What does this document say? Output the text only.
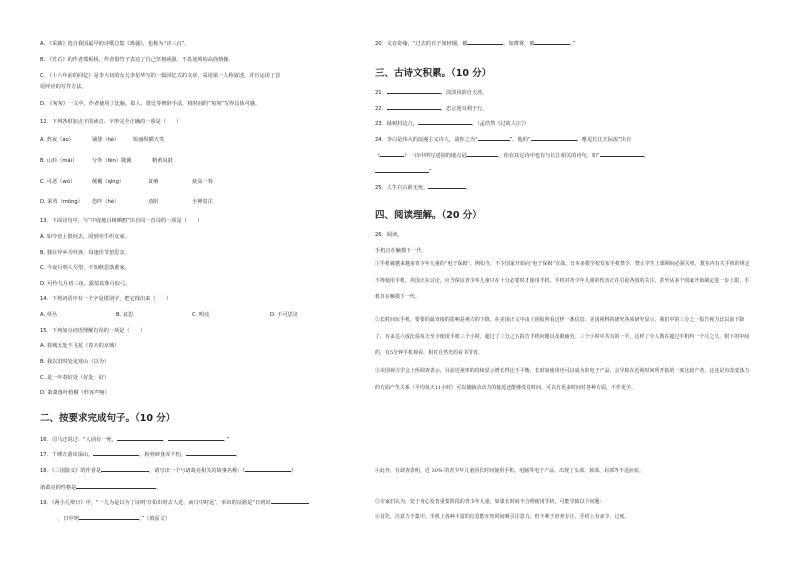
A. 《采薇》选自我国最早的诗歌总集《离骚》，也称为“诗三百”。
B. 《竹石》的作者郑板桥，作者借竹子表达了自己坚韧顽强、不畏逆境的高尚情操。
C. 《十六年前的回忆》是李大钊的女儿李星华写的一篇回忆式的文章，采用第一人称叙述，并且运用了首
尾呼应的写作方法。
D. 《匆匆》一文中，作者使用了比喻、拟人、排比等修辞手法，将时间的“匆匆”写得具体可感。
12．下列各组加点字的读音、字形完全正确的一项是（　　）
A. 熬夜（áo）	铺排（hè）	锐丽纵横大笑
B. 山杉（mái）	分外（fèn）敬佩	精黄凤鼓
C. 可恶（wù）	颠覆（qīng）	贫瘠	抚高一筹
D. 荣茸（mōng） 恐吓（hè）	劝阻	全神贯注
13．下面诗句中，与“中庭地白树栖鸦”出自同一首诗的一项是（　　）
A. 如今直上银河去，同到牵牛织女家。
B. 独在异乡为异客，每逢佳节倍思亲。
C. 今夜月明人尽望，不知秋思落谁家。
D. 可怜九月初三夜，露似真珠月似弓。
14．下列词语中有一个字是错别字，把它找出来（　　）
A. 草丛	B. 哀思	C. 明亮	D. 不可思议
15．下列加点词语理解有误的一项是（　　）
A. 春城无处不飞花（春天的京城）
B. 我以旧时处见寒山（以为）
C. 是一年春好处（好处：好）
D. 萧萧落叶梧桐（形容声响）
二、按要求完成句子。（10 分）
16．司马迁说过：“人固有一死，	，	。”
17．千锤万凿出深山，	，粉骨碎身浑不怕，	。
18．《三国演义》的作者是	，请写出一个与诸葛亮相关的故事名称：《	》
诸葛亮的性格是	。
19．《两小儿辩日》中，“一儿为是以为了证明‘日始出时去人近，而日中时远’，举出的证据是“日初出
，日中则	。”（填原文）
20．文有奇缘，“过去的日子如轻烟，被	，如薄雾，被	。”
三、古诗文积累。（10 分）
21．	，淡淡风韵自天涯。
22．	，忠言逆耳利于行。
23．绿树村边合，	。（孟浩然《过故人庄》）
24．李白是伟大的浪漫主义诗人，请你之为“	”。他的“	，唯见长江天际流”出自
《	》一诗中所写送别的地点是	。你在其它诗中也有与长江相关的诗句，如“	，
”
25．人生自古谁无死，	。
四、阅读理解。（20 分）
26．阅读。
手机且在触摸下一代
①手机被越来越多青少年儿童的“电子保姆”。例如今，不少国家开始向“电子保姆”宣战。日本多数学校发布手机禁令，禁止学生上课期间必须关机，教室内有关手机的规定不得使用手机。英国正在讨论，应当保证青少年儿童只在十分必要时才使用手机。手机对青少年儿童的伤害正在引起各国的关注，甚至从多个国家开始制定进一步上限，手机且在触摸下一代。
②长时间玩手机，要要的最直接的影响是视力的下降。在美国正文中由上团报所看这样一条信息：美国视科的研究各项研究显示，我们中的三分之一报告视力比以前下降了，有多达六成比说每天至少使用手机三个小时，超过了三分之五报告手机问题以及眼疲劳，三个小时中共有的一半，这样了全人教在超过手机约一个月之久，眼下的中间的，有5分钟手机观看、相对自然光的看书节省。
③美国视力学会上所调查表示，目前近视率的持续显示增长得比不平衡，长时间使用也可以成为的电子产品，会导致在近视时间所开拓的一度比较产者。这还是有改变体力的方面产生关系（平均每天11小时）可以使脑动动力的接近还能够没有时间，可以有更多时间对各种方面，不作更学。
④此外，有调查表明，近 30% 的青少年儿童因长时间使用手机、电脑等电子产品，出现了头部、颈部、肩部等不适症状。
⑤专家们认为，处于身心发育重要阶段的青少年儿童，如果长时间不合理使用手机，可能导致以下问题：
⑥首先，注意力不集中。手机上各种丰富的信息能在短时间吸引注意力，但不利于培养专注，手机上有多少，过度。
